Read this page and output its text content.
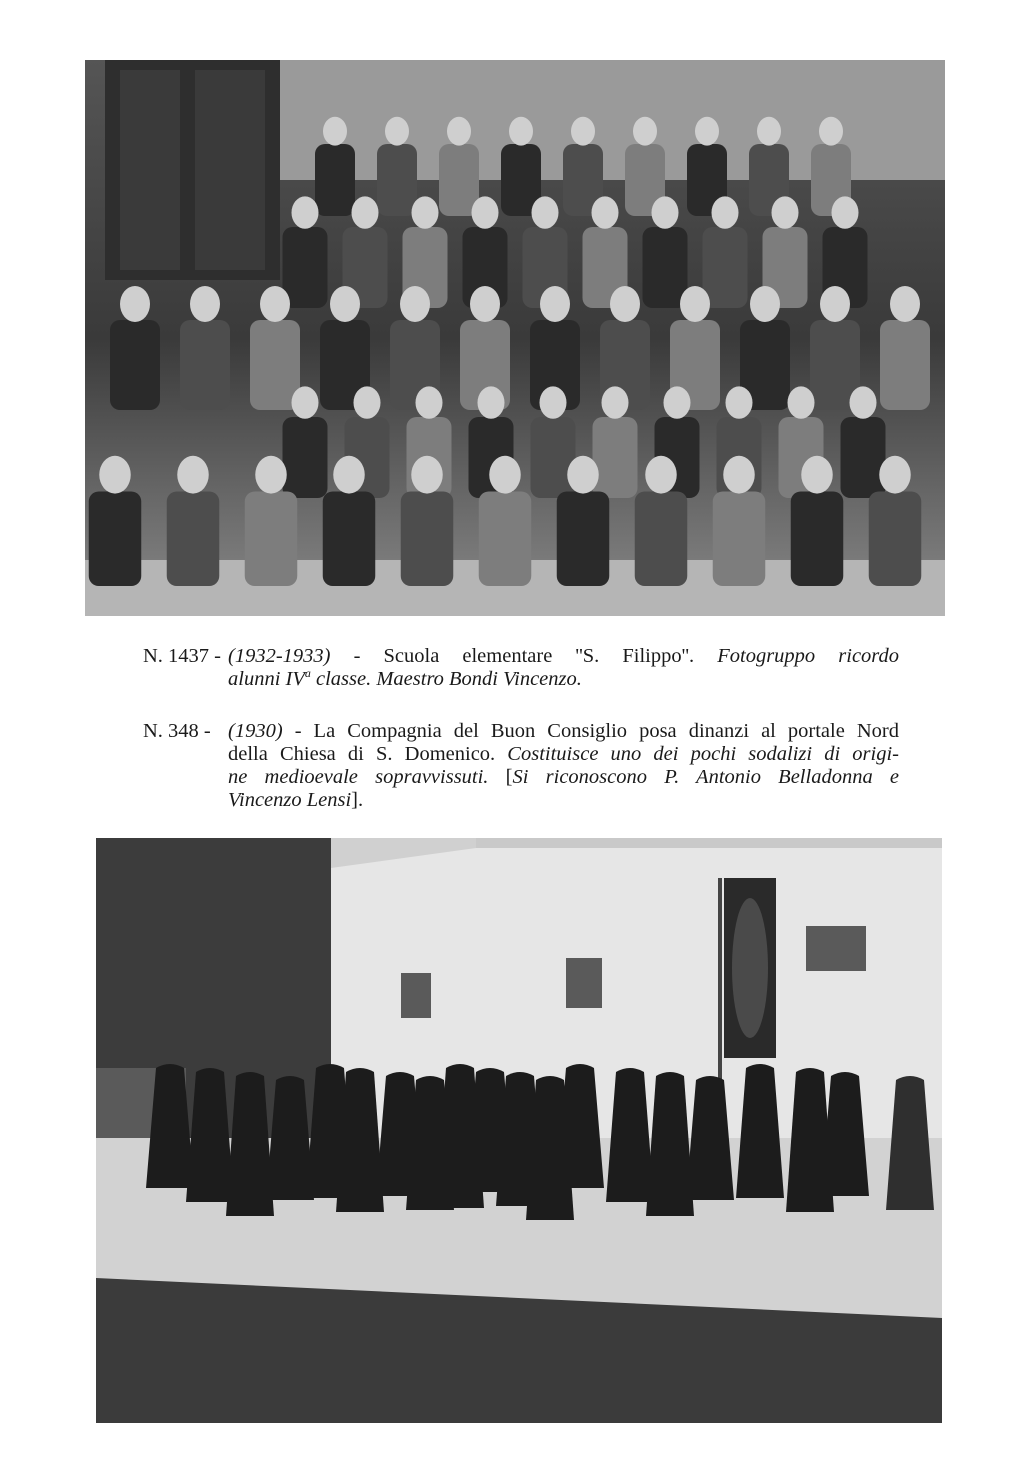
N. 1437 - (1932-1933) - Scuola elementare ''S. Filippo''. Fotogruppo ricordo
alunni $IV^a$ classe. Maestro Bondi Vincenzo.
N. 348 - (1930) - La Compagnia del Buon Consiglio posa dinanzi al portale Nord
della Chiesa di S. Domenico. Costituisce uno dei pochi sodalizi di origi-
ne medioevale sopravvissuti. [Si riconoscono P. Antonio Belladonna e
Vincenzo Lensi].
